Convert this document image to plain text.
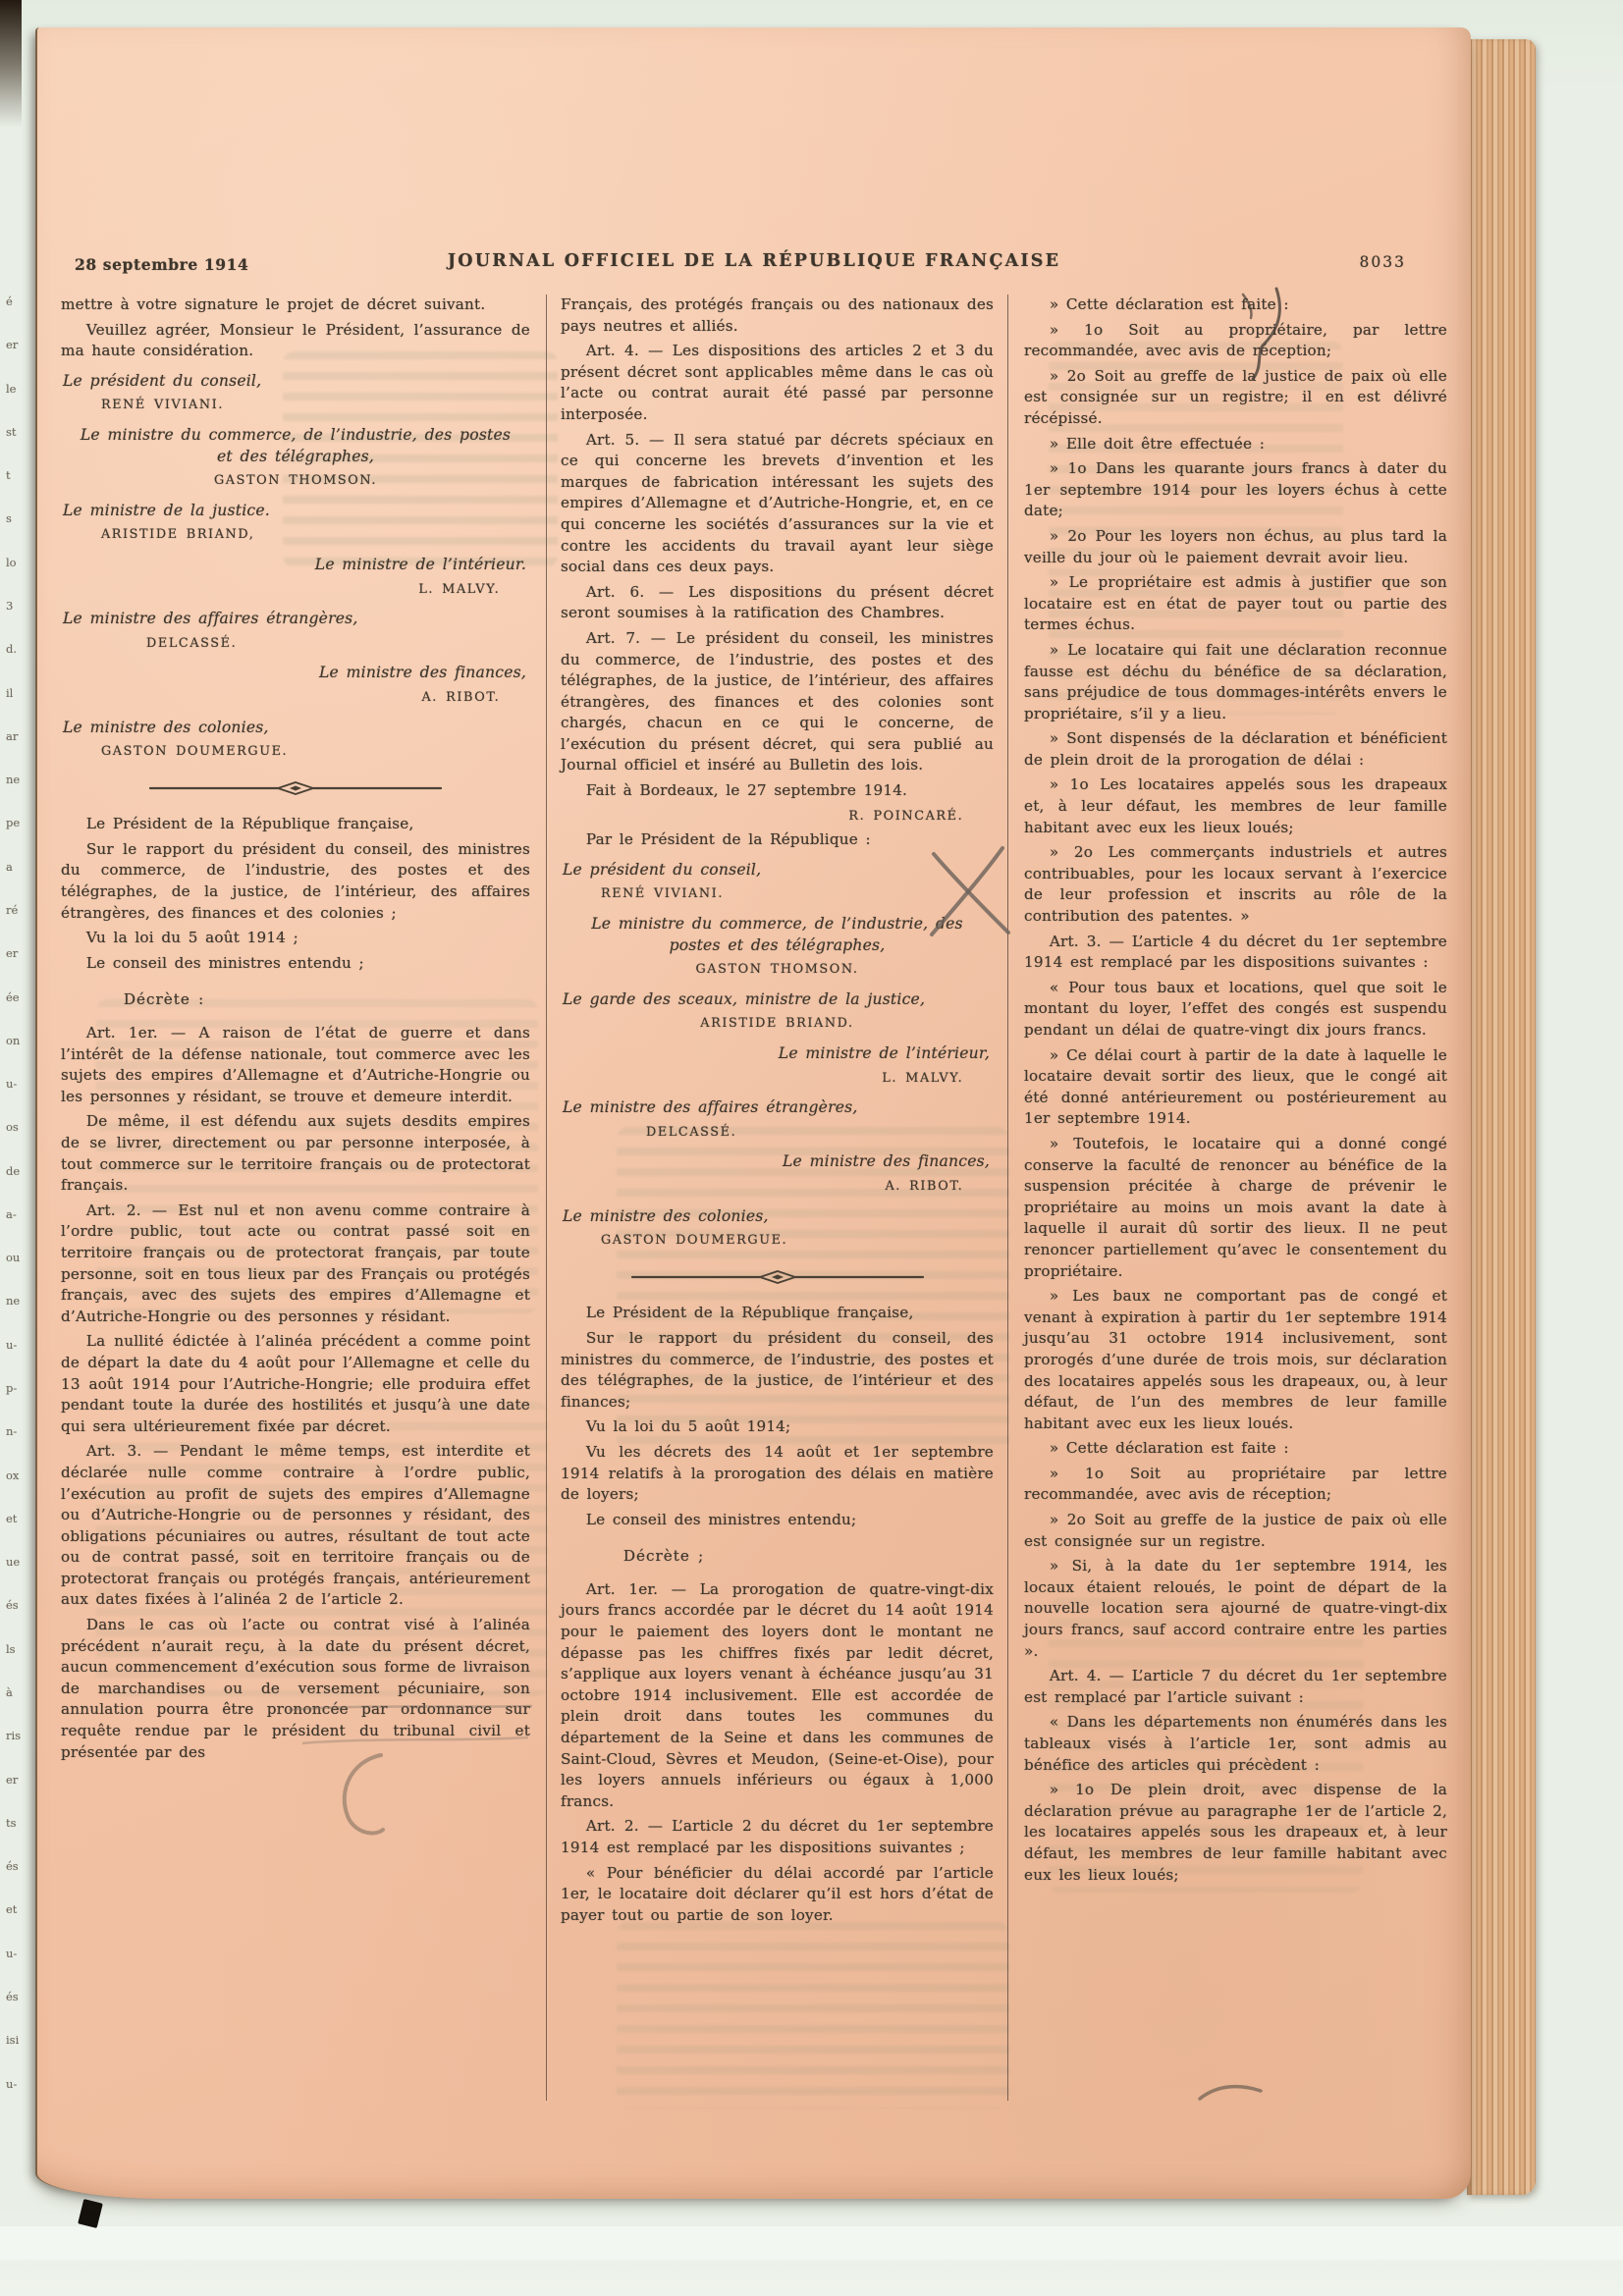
é
er
le
st
t
s
lo
3
d.
il
ar
ne
pe
a
ré
er
ée
on
u-
os
de
a-
ou
ne
u-
p-
n-
ox
et
ue
és
ls
à
ris
er
ts
és
et
u-
és
isi
u-
28 septembre 1914	JOURNAL OFFICIEL DE LA RÉPUBLIQUE FRANÇAISE	8033

mettre à votre signature le projet de décret suivant.

Veuillez agréer, Monsieur le Président, l’assurance de ma haute considération.

Le président du conseil,

RENÉ VIVIANI.

Le ministre du commerce, de l’industrie, des postes et des télégraphes,

GASTON THOMSON.

Le ministre de la justice.

ARISTIDE BRIAND,

Le ministre de l’intérieur.

L. MALVY.

Le ministre des affaires étrangères,

DELCASSÉ.

Le ministre des finances,

A. RIBOT.

Le ministre des colonies,

GASTON DOUMERGUE.

Le Président de la République française,

Sur le rapport du président du conseil, des ministres du commerce, de l’industrie, des postes et des télégraphes, de la justice, de l’intérieur, des affaires étrangères, des finances et des colonies ;

Vu la loi du 5 août 1914 ;

Le conseil des ministres entendu ;

Décrète :

Art. 1er. — A raison de l’état de guerre et dans l’intérêt de la défense nationale, tout commerce avec les sujets des empires d’Allemagne et d’Autriche-Hongrie ou les personnes y résidant, se trouve et demeure interdit.

De même, il est défendu aux sujets desdits empires de se livrer, directement ou par personne interposée, à tout commerce sur le territoire français ou de protectorat français.

Art. 2. — Est nul et non avenu comme contraire à l’ordre public, tout acte ou contrat passé soit en territoire français ou de protectorat français, par toute personne, soit en tous lieux par des Français ou protégés français, avec des sujets des empires d’Allemagne et d’Autriche-Hongrie ou des personnes y résidant.

La nullité édictée à l’alinéa précédent a comme point de départ la date du 4 août pour l’Allemagne et celle du 13 août 1914 pour l’Autriche-Hongrie; elle produira effet pendant toute la durée des hostilités et jusqu’à une date qui sera ultérieurement fixée par décret.

Art. 3. — Pendant le même temps, est interdite et déclarée nulle comme contraire à l’ordre public, l’exécution au profit de sujets des empires d’Allemagne ou d’Autriche-Hongrie ou de personnes y résidant, des obligations pécuniaires ou autres, résultant de tout acte ou de contrat passé, soit en territoire français ou de protectorat français ou protégés français, antérieurement aux dates fixées à l’alinéa 2 de l’article 2.

Dans le cas où l’acte ou contrat visé à l’alinéa précédent n’aurait reçu, à la date du présent décret, aucun commencement d’exécution sous forme de livraison de marchandises ou de versement pécuniaire, son annulation pourra être prononcée par ordonnance sur requête rendue par le président du tribunal civil et présentée par des

Français, des protégés français ou des nationaux des pays neutres et alliés.

Art. 4. — Les dispositions des articles 2 et 3 du présent décret sont applicables même dans le cas où l’acte ou contrat aurait été passé par personne interposée.

Art. 5. — Il sera statué par décrets spéciaux en ce qui concerne les brevets d’invention et les marques de fabrication intéressant les sujets des empires d’Allemagne et d’Autriche-Hongrie, et, en ce qui concerne les sociétés d’assurances sur la vie et contre les accidents du travail ayant leur siège social dans ces deux pays.

Art. 6. — Les dispositions du présent décret seront soumises à la ratification des Chambres.

Art. 7. — Le président du conseil, les ministres du commerce, de l’industrie, des postes et des télégraphes, de la justice, de l’intérieur, des affaires étrangères, des finances et des colonies sont chargés, chacun en ce qui le concerne, de l’exécution du présent décret, qui sera publié au Journal officiel et inséré au Bulletin des lois.

Fait à Bordeaux, le 27 septembre 1914.

R. POINCARÉ.

Par le Président de la République :

Le président du conseil,

RENÉ VIVIANI.

Le ministre du commerce, de l’industrie, des postes et des télégraphes,

GASTON THOMSON.

Le garde des sceaux, ministre de la justice,

ARISTIDE BRIAND.

Le ministre de l’intérieur,

L. MALVY.

Le ministre des affaires étrangères,

DELCASSÉ.

Le ministre des finances,

A. RIBOT.

Le ministre des colonies,

GASTON DOUMERGUE.

Le Président de la République française,

Sur le rapport du président du conseil, des ministres du commerce, de l’industrie, des postes et des télégraphes, de la justice, de l’intérieur et des finances;

Vu la loi du 5 août 1914;

Vu les décrets des 14 août et 1er septembre 1914 relatifs à la prorogation des délais en matière de loyers;

Le conseil des ministres entendu;

Décrète ;

Art. 1er. — La prorogation de quatre-vingt-dix jours francs accordée par le décret du 14 août 1914 pour le paiement des loyers dont le montant ne dépasse pas les chiffres fixés par ledit décret, s’applique aux loyers venant à échéance jusqu’au 31 octobre 1914 inclusivement. Elle est accordée de plein droit dans toutes les communes du département de la Seine et dans les communes de Saint-Cloud, Sèvres et Meudon, (Seine-et-Oise), pour les loyers annuels inférieurs ou égaux à 1,000 francs.

Art. 2. — L’article 2 du décret du 1er septembre 1914 est remplacé par les dispositions suivantes ;

« Pour bénéficier du délai accordé par l’article 1er, le locataire doit déclarer qu’il est hors d’état de payer tout ou partie de son loyer.

» Cette déclaration est faite :

» 1o Soit au propriétaire, par lettre recommandée, avec avis de réception;

» 2o Soit au greffe de la justice de paix où elle est consignée sur un registre; il en est délivré récépissé.

» Elle doit être effectuée :

» 1o Dans les quarante jours francs à dater du 1er septembre 1914 pour les loyers échus à cette date;

» 2o Pour les loyers non échus, au plus tard la veille du jour où le paiement devrait avoir lieu.

» Le propriétaire est admis à justifier que son locataire est en état de payer tout ou partie des termes échus.

» Le locataire qui fait une déclaration reconnue fausse est déchu du bénéfice de sa déclaration, sans préjudice de tous dommages-intérêts envers le propriétaire, s’il y a lieu.

» Sont dispensés de la déclaration et bénéficient de plein droit de la prorogation de délai :

» 1o Les locataires appelés sous les drapeaux et, à leur défaut, les membres de leur famille habitant avec eux les lieux loués;

» 2o Les commerçants industriels et autres contribuables, pour les locaux servant à l’exercice de leur profession et inscrits au rôle de la contribution des patentes. »

Art. 3. — L’article 4 du décret du 1er septembre 1914 est remplacé par les dispositions suivantes :

« Pour tous baux et locations, quel que soit le montant du loyer, l’effet des congés est suspendu pendant un délai de quatre-vingt dix jours francs.

» Ce délai court à partir de la date à laquelle le locataire devait sortir des lieux, que le congé ait été donné antérieurement ou postérieurement au 1er septembre 1914.

» Toutefois, le locataire qui a donné congé conserve la faculté de renoncer au bénéfice de la suspension précitée à charge de prévenir le propriétaire au moins un mois avant la date à laquelle il aurait dû sortir des lieux. Il ne peut renoncer partiellement qu’avec le consentement du propriétaire.

» Les baux ne comportant pas de congé et venant à expiration à partir du 1er septembre 1914 jusqu’au 31 octobre 1914 inclusivement, sont prorogés d’une durée de trois mois, sur déclaration des locataires appelés sous les drapeaux, ou, à leur défaut, de l’un des membres de leur famille habitant avec eux les lieux loués.

» Cette déclaration est faite :

» 1o Soit au propriétaire par lettre recommandée, avec avis de réception;

» 2o Soit au greffe de la justice de paix où elle est consignée sur un registre.

» Si, à la date du 1er septembre 1914, les locaux étaient reloués, le point de départ de la nouvelle location sera ajourné de quatre-vingt-dix jours francs, sauf accord contraire entre les parties ».

Art. 4. — L’article 7 du décret du 1er septembre est remplacé par l’article suivant :

« Dans les départements non énumérés dans les tableaux visés à l’article 1er, sont admis au bénéfice des articles qui précèdent :

» 1o De plein droit, avec dispense de la déclaration prévue au paragraphe 1er de l’article 2, les locataires appelés sous les drapeaux et, à leur défaut, les membres de leur famille habitant avec eux les lieux loués;
